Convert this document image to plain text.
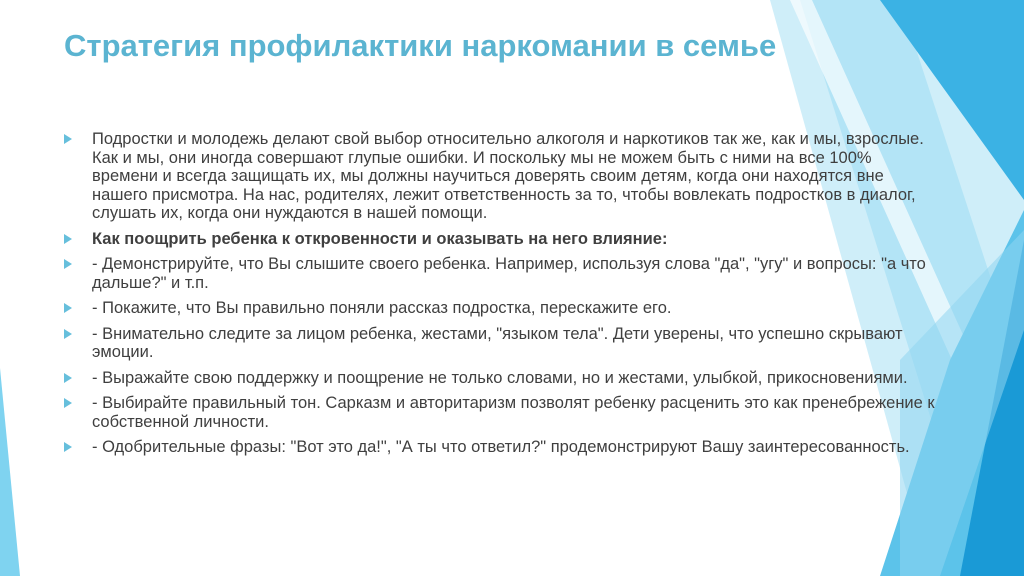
Стратегия профилактики наркомании в семье
Подростки и молодежь делают свой выбор относительно алкоголя и наркотиков так же, как и мы, взрослые. Как и мы, они иногда совершают глупые ошибки. И поскольку мы не можем быть с ними на все 100% времени и всегда защищать их, мы должны научиться доверять своим детям, когда они находятся вне нашего присмотра. На нас, родителях, лежит ответственность за то, чтобы вовлекать подростков в диалог, слушать их, когда они нуждаются в нашей помощи.
Как поощрить ребенка к откровенности и оказывать на него влияние:
- Демонстрируйте, что Вы слышите своего ребенка. Например, используя слова "да", "угу" и вопросы: "а что дальше?" и т.п.
- Покажите, что Вы правильно поняли рассказ подростка, перескажите его.
- Внимательно следите за лицом ребенка, жестами, "языком тела". Дети уверены, что успешно скрывают эмоции.
- Выражайте свою поддержку и поощрение не только словами, но и жестами, улыбкой, прикосновениями.
- Выбирайте правильный тон. Сарказм и авторитаризм позволят ребенку расценить это как пренебрежение к собственной личности.
- Одобрительные фразы: "Вот это да!", "А ты что ответил?" продемонстрируют Вашу заинтересованность.
